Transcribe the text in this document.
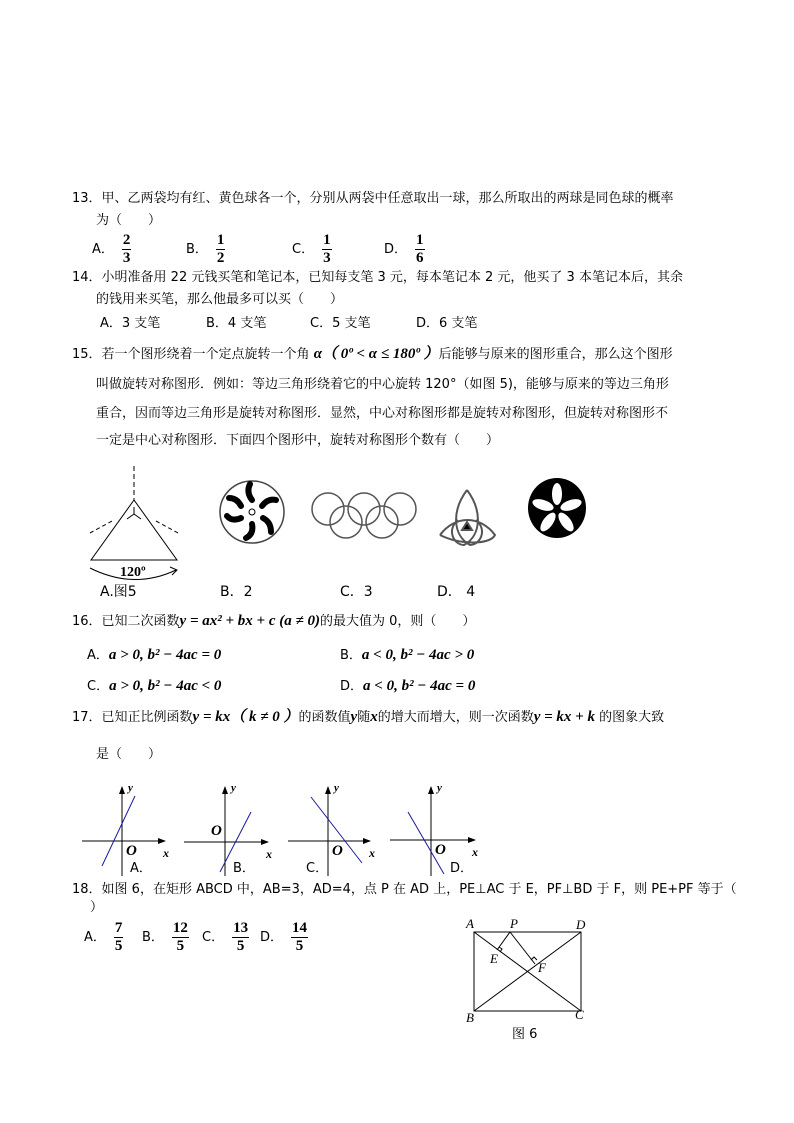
13．甲、乙两袋均有红、黄色球各一个，分别从两袋中任意取出一球，那么所取出的两球是同色球的概率
为（　　）
A． $\frac{2}{3}$	B． $\frac{1}{2}$	C． $\frac{1}{3}$	D． $\frac{1}{6}$
14．小明准备用 22 元钱买笔和笔记本，已知每支笔 3 元，每本笔记本 2 元，他买了 3 本笔记本后，其余
的钱用来买笔，那么他最多可以买（　　）
A．3 支笔	B．4 支笔	C．5 支笔	D．6 支笔
15．若一个图形绕着一个定点旋转一个角 α（ 0º < α ≤ 180º ）后能够与原来的图形重合，那么这个图形
叫做旋转对称图形．例如：等边三角形绕着它的中心旋转 120°（如图 5)，能够与原来的等边三角形
重合，因而等边三角形是旋转对称图形．显然，中心对称图形都是旋转对称图形，但旋转对称图形不
一定是中心对称图形．下面四个图形中，旋转对称图形个数有（　　）
120º
A.图5	B．2	C．3	D． 4
16．已知二次函数y = ax² + bx + c (a ≠ 0)的最大值为 0，则（　　）
A．a > 0, b² − 4ac = 0	B．a < 0, b² − 4ac > 0
C．a > 0, b² − 4ac < 0	D．a < 0, b² − 4ac = 0
17．已知正比例函数y = kx（ k ≠ 0 ）的函数值y随x的增大而增大，则一次函数y = kx + k 的图象大致
是（　　）
y
O x
A．
y
O
x
B．
y
O x
C．
y
O x
D．
18．如图 6，在矩形 ABCD 中，AB=3，AD=4，点 P 在 AD 上，PE⊥AC 于 E，PF⊥BD 于 F，则 PE+PF 等于（
）
A． $\frac{7}{5}$ B． $\frac{12}{5}$ C． $\frac{13}{5}$ D． $\frac{14}{5}$	A	P	D
E
F
B	C
图 6
